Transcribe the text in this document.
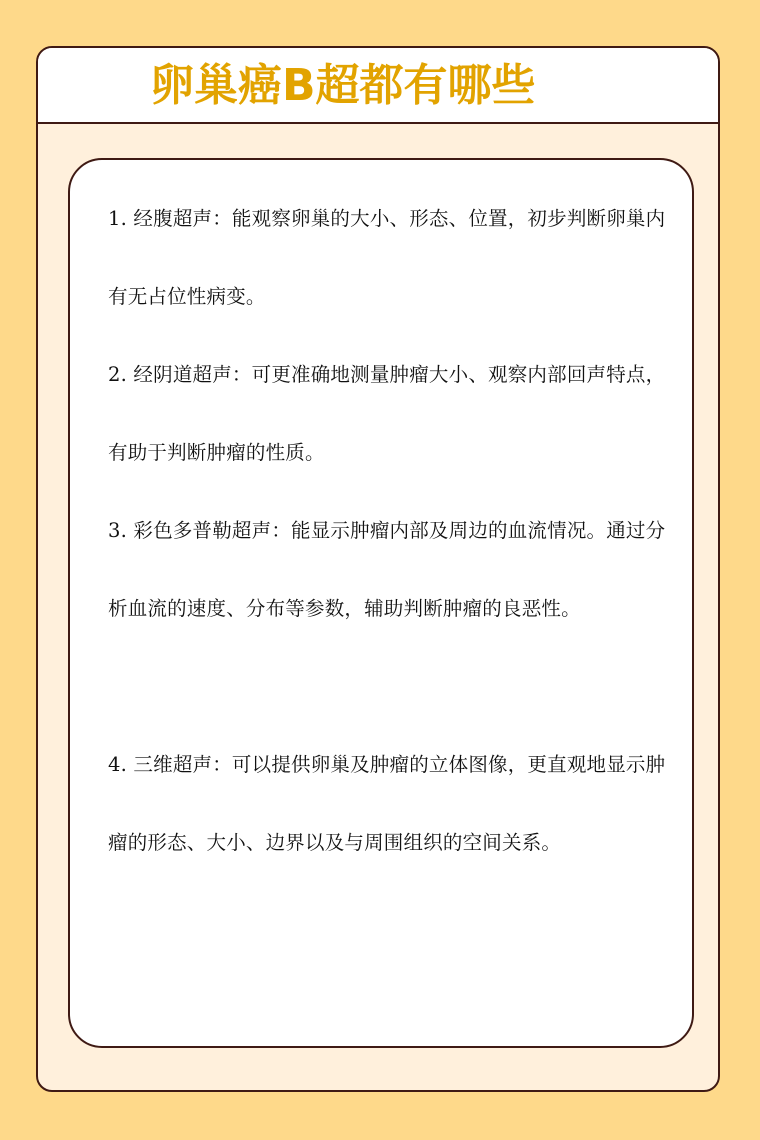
卵巢癌B超都有哪些

1. 经腹超声：能观察卵巢的大小、形态、位置，初步判断卵巢内有无占位性病变。

2. 经阴道超声：可更准确地测量肿瘤大小、观察内部回声特点，有助于判断肿瘤的性质。

3. 彩色多普勒超声：能显示肿瘤内部及周边的血流情况。通过分析血流的速度、分布等参数，辅助判断肿瘤的良恶性。

4. 三维超声：可以提供卵巢及肿瘤的立体图像，更直观地显示肿瘤的形态、大小、边界以及与周围组织的空间关系。
